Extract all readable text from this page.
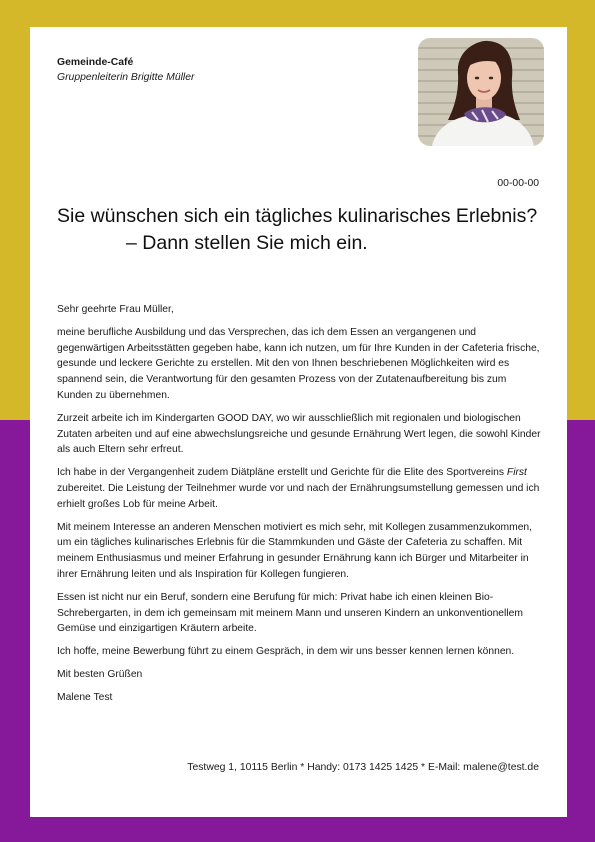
Gemeinde-Café
Gruppenleiterin Brigitte Müller
00-00-00
Sie wünschen sich ein tägliches kulinarisches Erlebnis?
– Dann stellen Sie mich ein.

Sehr geehrte Frau Müller,

meine berufliche Ausbildung und das Versprechen, das ich dem Essen an vergangenen und gegenwärtigen Arbeitsstätten gegeben habe, kann ich nutzen, um für Ihre Kunden in der Cafeteria frische, gesunde und leckere Gerichte zu erstellen. Mit den von Ihnen beschriebenen Möglichkeiten wird es spannend sein, die Verantwortung für den gesamten Prozess von der Zutatenaufbereitung bis zum Kunden zu übernehmen.

Zurzeit arbeite ich im Kindergarten GOOD DAY, wo wir ausschließlich mit regionalen und biologischen Zutaten arbeiten und auf eine abwechslungsreiche und gesunde Ernährung Wert legen, die sowohl Kinder als auch Eltern sehr erfreut.

Ich habe in der Vergangenheit zudem Diätpläne erstellt und Gerichte für die Elite des Sportvereins First zubereitet. Die Leistung der Teilnehmer wurde vor und nach der Ernährungsumstellung gemessen und ich erhielt großes Lob für meine Arbeit.

Mit meinem Interesse an anderen Menschen motiviert es mich sehr, mit Kollegen zusammenzukommen, um ein tägliches kulinarisches Erlebnis für die Stammkunden und Gäste der Cafeteria zu schaffen. Mit meinem Enthusiasmus und meiner Erfahrung in gesunder Ernährung kann ich Bürger und Mitarbeiter in ihrer Ernährung leiten und als Inspiration für Kollegen fungieren.

Essen ist nicht nur ein Beruf, sondern eine Berufung für mich: Privat habe ich einen kleinen Bio-Schrebergarten, in dem ich gemeinsam mit meinem Mann und unseren Kindern an unkonventionellem Gemüse und einzigartigen Kräutern arbeite.

Ich hoffe, meine Bewerbung führt zu einem Gespräch, in dem wir uns besser kennen lernen können.

Mit besten Grüßen

Malene Test

Testweg 1, 10115 Berlin * Handy: 0173 1425 1425 * E-Mail: malene@test.de
